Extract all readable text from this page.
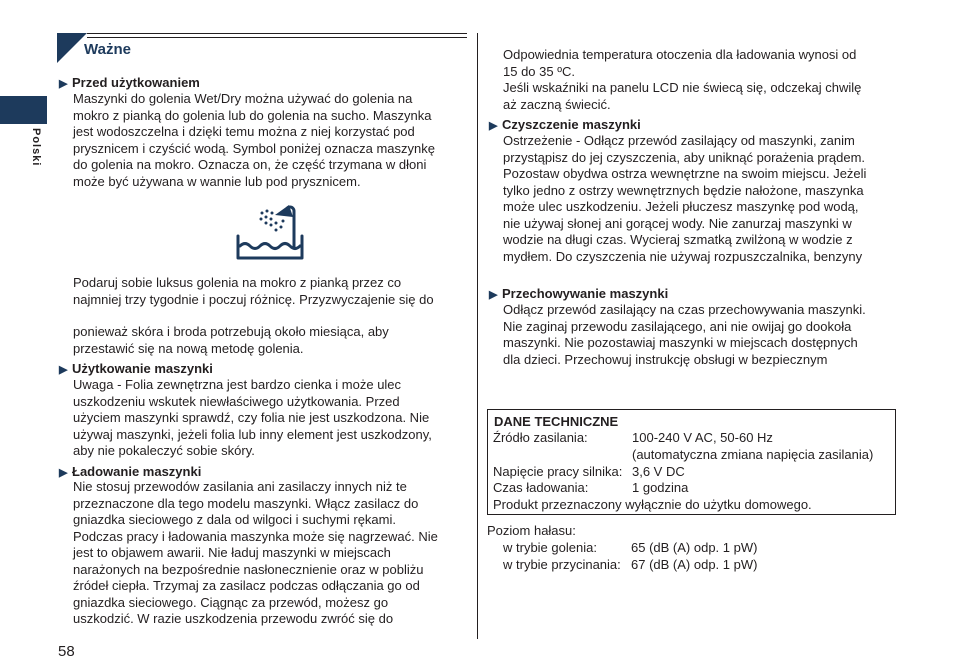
Polski
58
Ważne
▶ Przed użytkowaniem
Maszynki do golenia Wet/Dry można używać do golenia na
mokro z pianką do golenia lub do golenia na sucho. Maszynka
jest wodoszczelna i dzięki temu można z niej korzystać pod
prysznicem i czyścić wodą. Symbol poniżej oznacza maszynkę
do golenia na mokro. Oznacza on, że część trzymana w dłoni
może być używana w wannie lub pod prysznicem.
Podaruj sobie luksus golenia na mokro z pianką przez co
najmniej trzy tygodnie i poczuj różnicę. Przyzwyczajenie się do
ponieważ skóra i broda potrzebują około miesiąca, aby
przestawić się na nową metodę golenia.
▶ Użytkowanie maszynki
Uwaga - Folia zewnętrzna jest bardzo cienka i może ulec
uszkodzeniu wskutek niewłaściwego użytkowania. Przed
użyciem maszynki sprawdź, czy folia nie jest uszkodzona. Nie
używaj maszynki, jeżeli folia lub inny element jest uszkodzony,
aby nie pokaleczyć sobie skóry.
▶ Ładowanie maszynki
Nie stosuj przewodów zasilania ani zasilaczy innych niż te
przeznaczone dla tego modelu maszynki. Włącz zasilacz do
gniazdka sieciowego z dala od wilgoci i suchymi rękami.
Podczas pracy i ładowania maszynka może się nagrzewać. Nie
jest to objawem awarii. Nie ładuj maszynki w miejscach
narażonych na bezpośrednie nasłonecznienie oraz w pobliżu
źródeł ciepła. Trzymaj za zasilacz podczas odłączania go od
gniazdka sieciowego. Ciągnąc za przewód, możesz go
uszkodzić. W razie uszkodzenia przewodu zwróć się do
Odpowiednia temperatura otoczenia dla ładowania wynosi od
15 do 35 ºC.
Jeśli wskaźniki na panelu LCD nie świecą się, odczekaj chwilę
aż zaczną świecić.
▶ Czyszczenie maszynki
Ostrzeżenie - Odłącz przewód zasilający od maszynki, zanim
przystąpisz do jej czyszczenia, aby uniknąć porażenia prądem.
Pozostaw obydwa ostrza wewnętrzne na swoim miejscu. Jeżeli
tylko jedno z ostrzy wewnętrznych będzie nałożone, maszynka
może ulec uszkodzeniu. Jeżeli płuczesz maszynkę pod wodą,
nie używaj słonej ani gorącej wody. Nie zanurzaj maszynki w
wodzie na długi czas. Wycieraj szmatką zwilżoną w wodzie z
mydłem. Do czyszczenia nie używaj rozpuszczalnika, benzyny
▶ Przechowywanie maszynki
Odłącz przewód zasilający na czas przechowywania maszynki.
Nie zaginaj przewodu zasilającego, ani nie owijaj go dookoła
maszynki. Nie pozostawiaj maszynki w miejscach dostępnych
dla dzieci. Przechowuj instrukcję obsługi w bezpiecznym
DANE TECHNICZNE
Źródło zasilania:	100-240 V AC, 50-60 Hz
(automatyczna zmiana napięcia zasilania)
Napięcie pracy silnika: 3,6 V DC
Czas ładowania:	1 godzina
Produkt przeznaczony wyłącznie do użytku domowego.
Poziom hałasu:
w trybie golenia:	65 (dB (A) odp. 1 pW)
w trybie przycinania: 67 (dB (A) odp. 1 pW)
